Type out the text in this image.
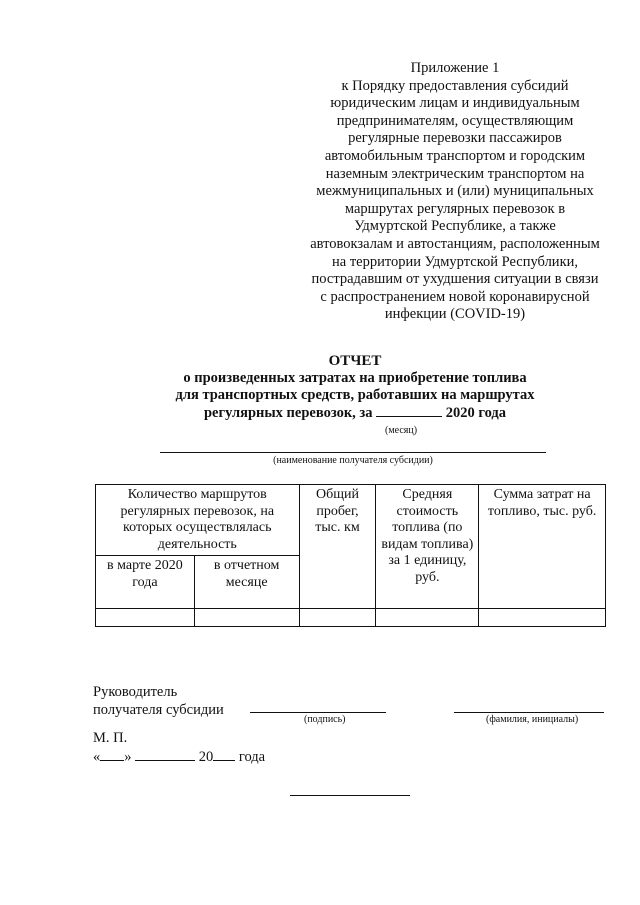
Приложение 1
к Порядку предоставления субсидий
юридическим лицам и индивидуальным
предпринимателям, осуществляющим
регулярные перевозки пассажиров
автомобильным транспортом и городским
наземным электрическим транспортом на
межмуниципальных и (или) муниципальных
маршрутах регулярных перевозок в
Удмуртской Республике, а также
автовокзалам и автостанциям, расположенным
на территории Удмуртской Республики,
пострадавшим от ухудшения ситуации в связи
с распространением новой коронавирусной
инфекции (COVID-19)
ОТЧЕТ
о произведенных затратах на приобретение топлива
для транспортных средств, работавших на маршрутах
регулярных перевозок, за	2020 года
(месяц)
(наименование получателя субсидии)
Количество маршрутов регулярных перевозок, на которых осуществлялась деятельность		Общий пробег, тыс. км	Средняя стоимость топлива (по видам топлива) за 1 единицу, руб.	Сумма затрат на топливо, тыс. руб.
в марте 2020 года	в отчетном месяце			

Руководитель
получателя субсидии
(подпись)	(фамилия, инициалы)
М. П.
« »	20 года
